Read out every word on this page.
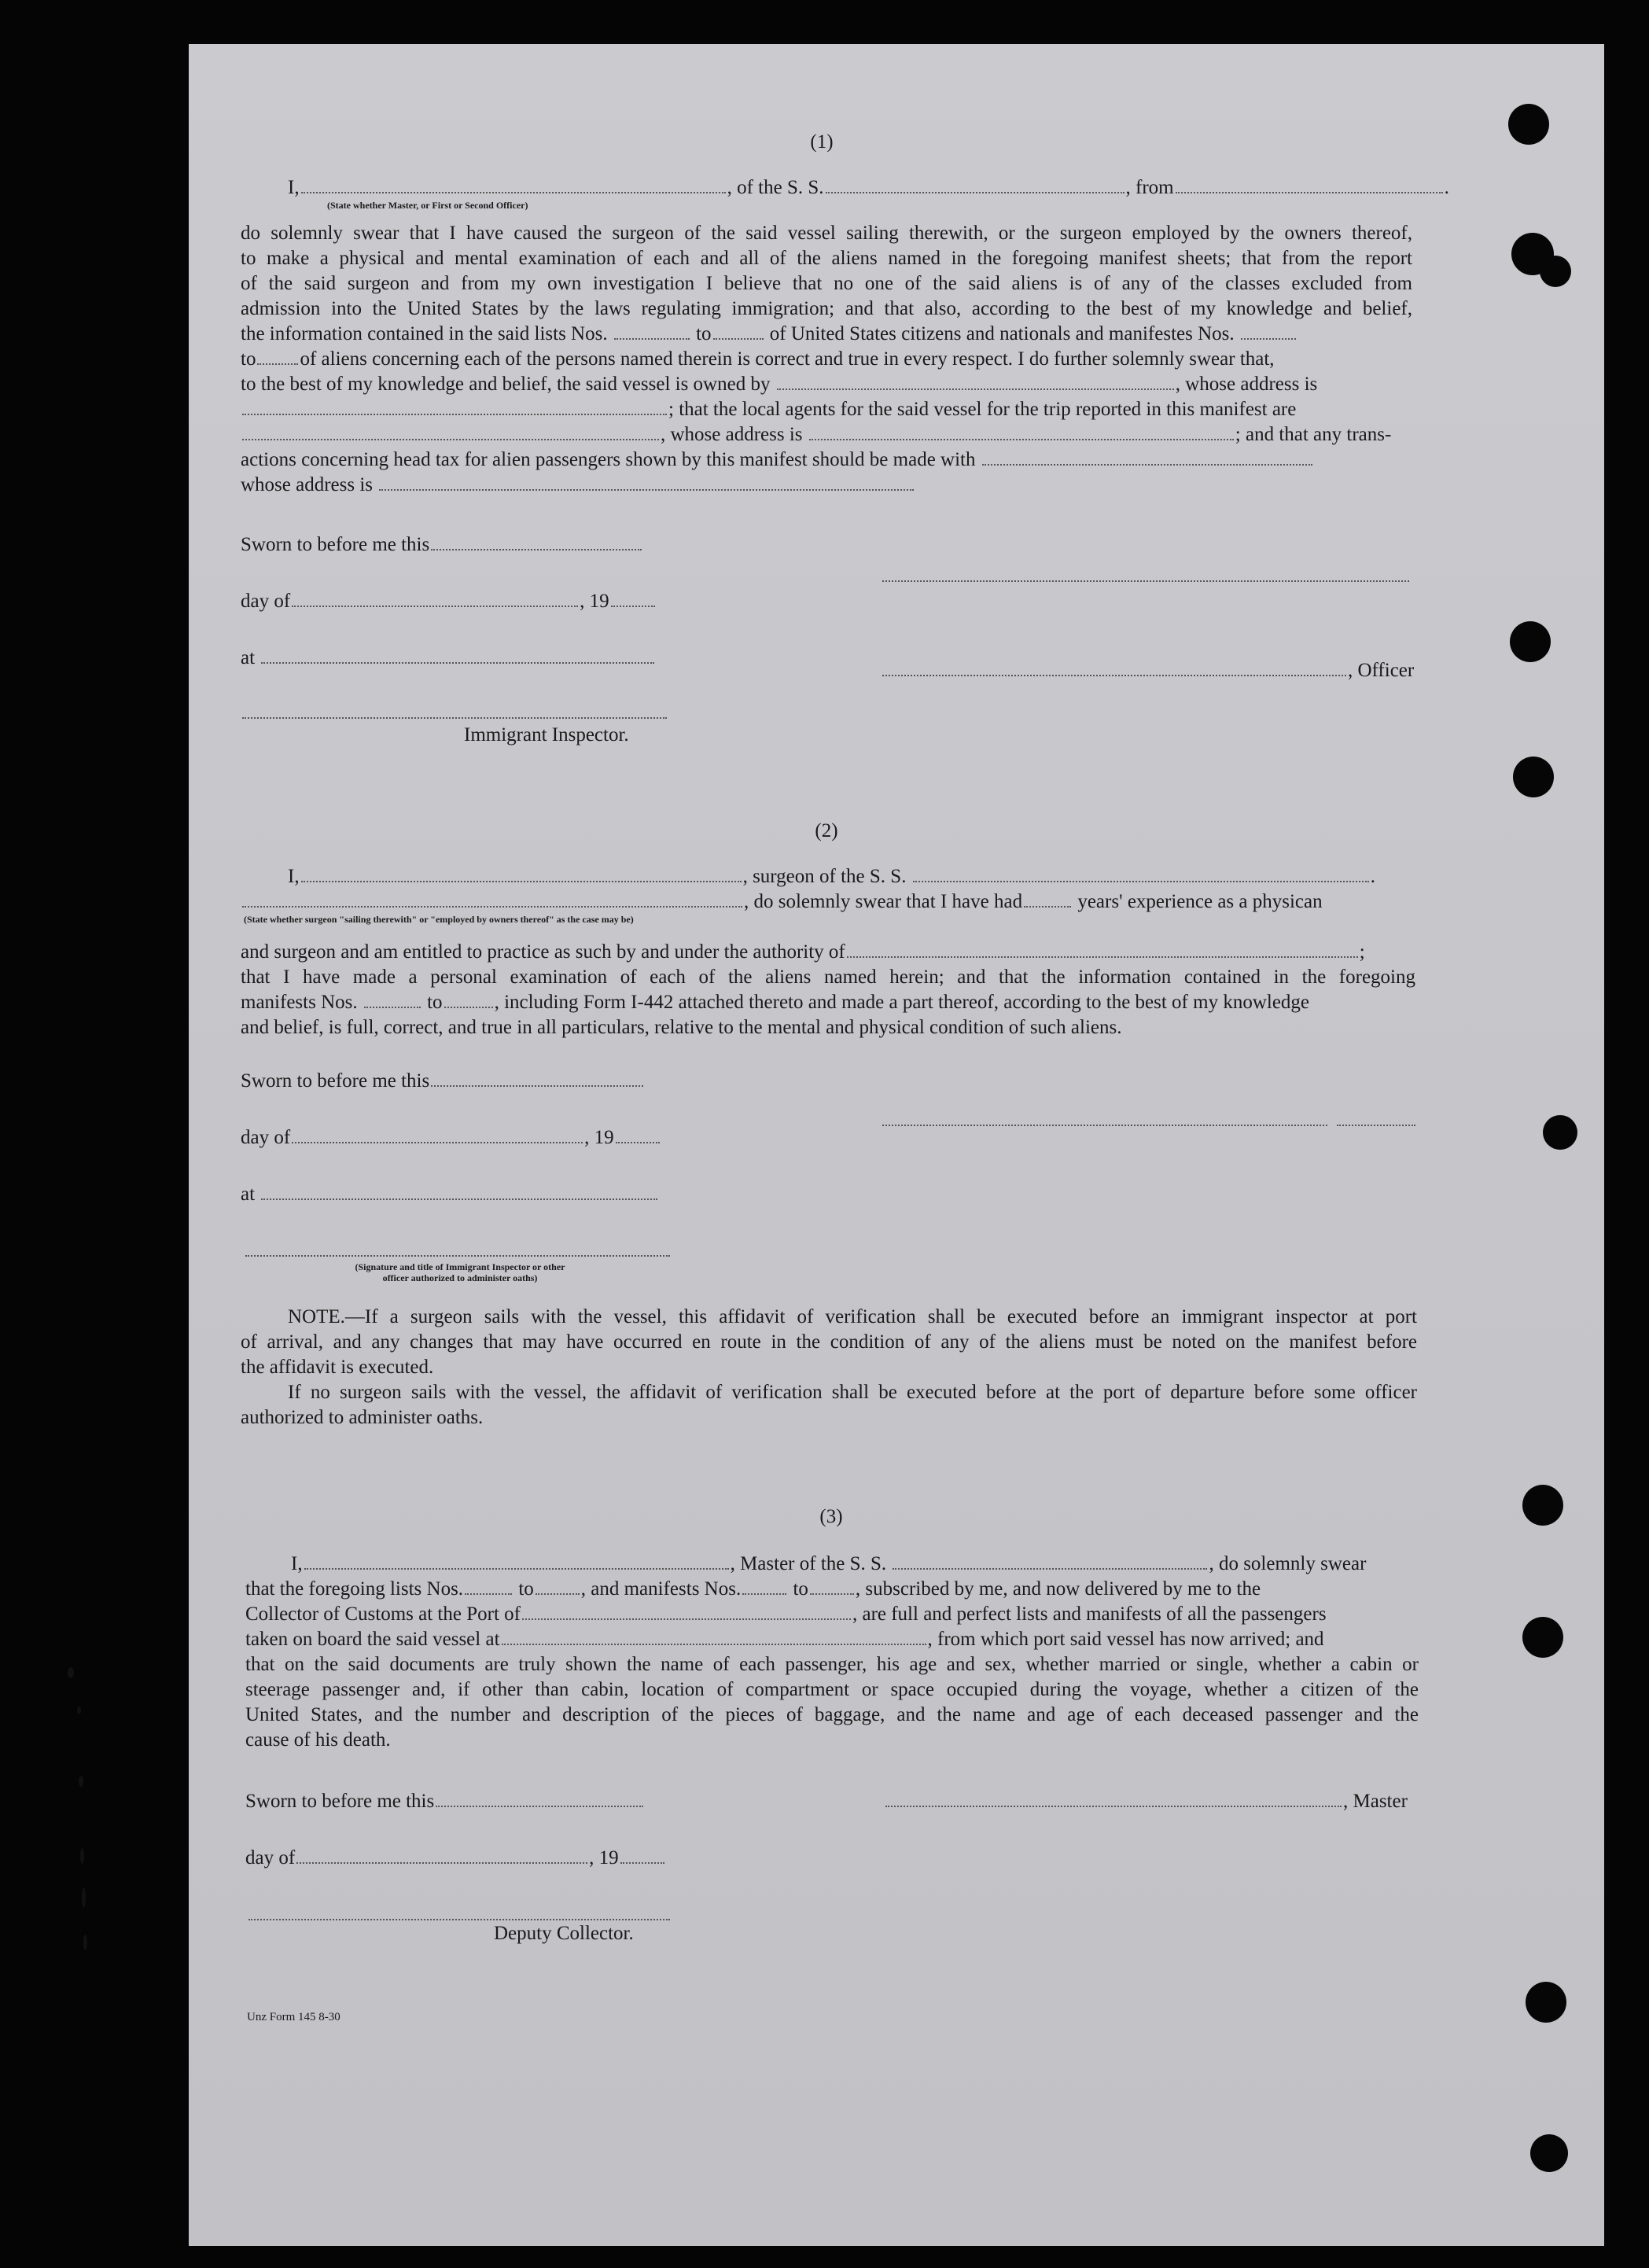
(1)
I,	, of the S. S.	, from	.
(State whether Master, or First or Second Officer)
do solemnly swear that I have caused the surgeon of the said vessel sailing therewith, or the surgeon employed by the owners thereof,
to make a physical and mental examination of each and all of the aliens named in the foregoing manifest sheets; that from the report
of the said surgeon and from my own investigation I believe that no one of the said aliens is of any of the classes excluded from
admission into the United States by the laws regulating immigration; and that also, according to the best of my knowledge and belief,
the information contained in the said lists Nos.	to	of United States citizens and nationals and manifestes Nos.
to of aliens concerning each of the persons named therein is correct and true in every respect. I do further solemnly swear that,
to the best of my knowledge and belief, the said vessel is owned by	, whose address is
; that the local agents for the said vessel for the trip reported in this manifest are
, whose address is	; and that any trans-
actions concerning head tax for alien passengers shown by this manifest should be made with
whose address is
Sworn to before me this
day of	, 19
at
, Officer
Immigrant Inspector.
(2)
I,	, surgeon of the S. S.	.
, do solemnly swear that I have had	years' experience as a physican
(State whether surgeon "sailing therewith" or "employed by owners thereof" as the case may be)
and surgeon and am entitled to practice as such by and under the authority of	;
that I have made a personal examination of each of the aliens named herein; and that the information contained in the foregoing
manifests Nos.	to	, including Form I-442 attached thereto and made a part thereof, according to the best of my knowledge
and belief, is full, correct, and true in all particulars, relative to the mental and physical condition of such aliens.
Sworn to before me this
day of	, 19
at
(Signature and title of Immigrant Inspector or other
officer authorized to administer oaths)
NOTE.—If a surgeon sails with the vessel, this affidavit of verification shall be executed before an immigrant inspector at port
of arrival, and any changes that may have occurred en route in the condition of any of the aliens must be noted on the manifest before
the affidavit is executed.
If no surgeon sails with the vessel, the affidavit of verification shall be executed before at the port of departure before some officer
authorized to administer oaths.
(3)
I,	, Master of the S. S.	, do solemnly swear
that the foregoing lists Nos.	to , and manifests Nos.	to , subscribed by me, and now delivered by me to the
Collector of Customs at the Port of	, are full and perfect lists and manifests of all the passengers
taken on board the said vessel at	, from which port said vessel has now arrived; and
that on the said documents are truly shown the name of each passenger, his age and sex, whether married or single, whether a cabin or
steerage passenger and, if other than cabin, location of compartment or space occupied during the voyage, whether a citizen of the
United States, and the number and description of the pieces of baggage, and the name and age of each deceased passenger and the
cause of his death.
Sworn to before me this	, Master
day of	, 19
Deputy Collector.
Unz Form 145 8-30
